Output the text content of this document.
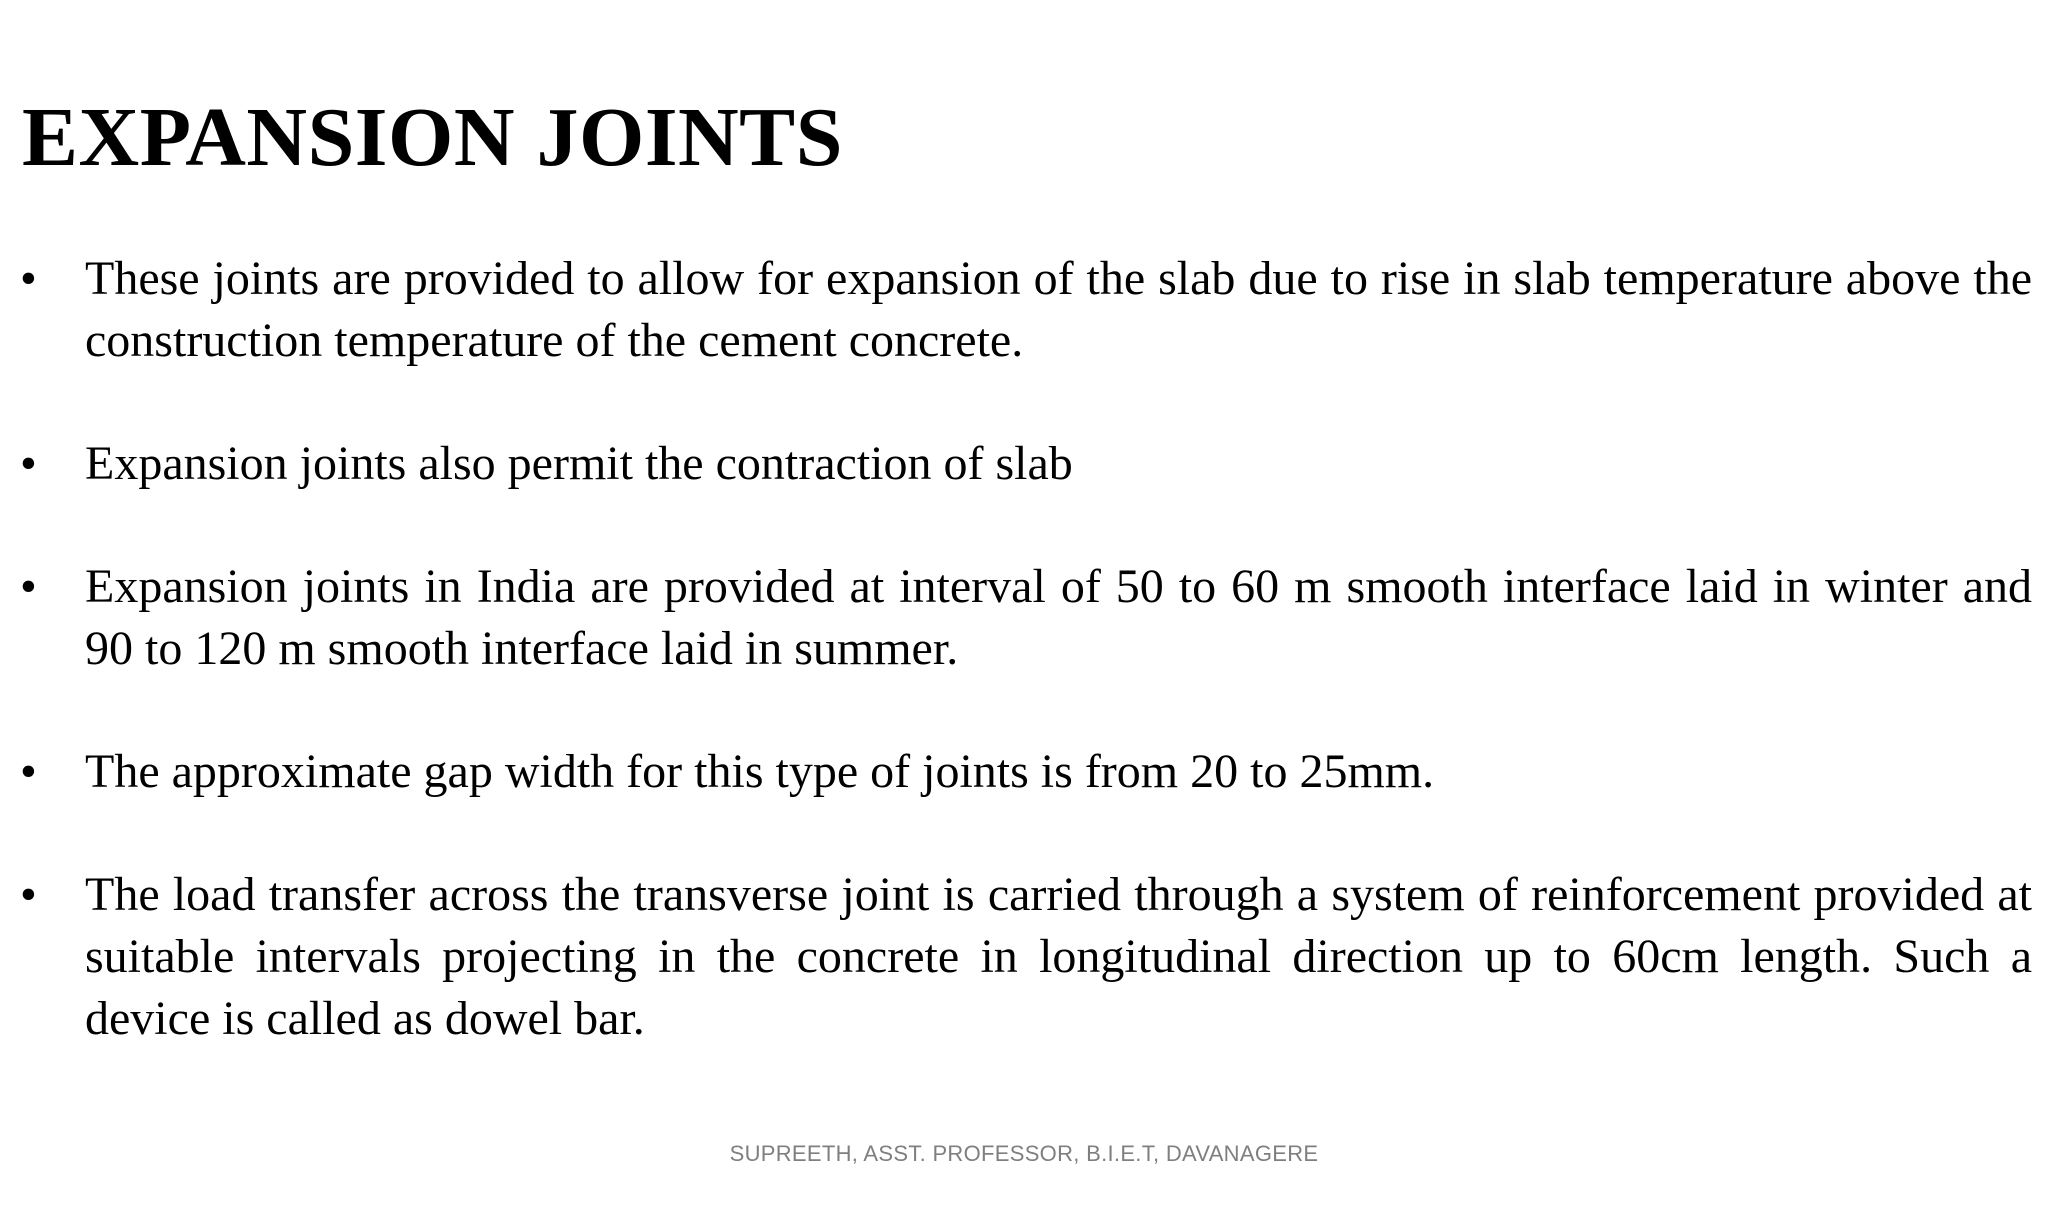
EXPANSION JOINTS
•	These joints are provided to allow for expansion of the slab due to rise in slab temperature above the construction temperature of the cement concrete.
•	Expansion joints also permit the contraction of slab
•	Expansion joints in India are provided at interval of 50 to 60 m smooth interface laid in winter and 90 to 120 m smooth interface laid in summer.
•	The approximate gap width for this type of joints is from 20 to 25mm.
•	The load transfer across the transverse joint is carried through a system of reinforcement provided at suitable intervals projecting in the concrete in longitudinal direction up to 60cm length. Such a device is called as dowel bar.
SUPREETH, ASST. PROFESSOR, B.I.E.T, DAVANAGERE
